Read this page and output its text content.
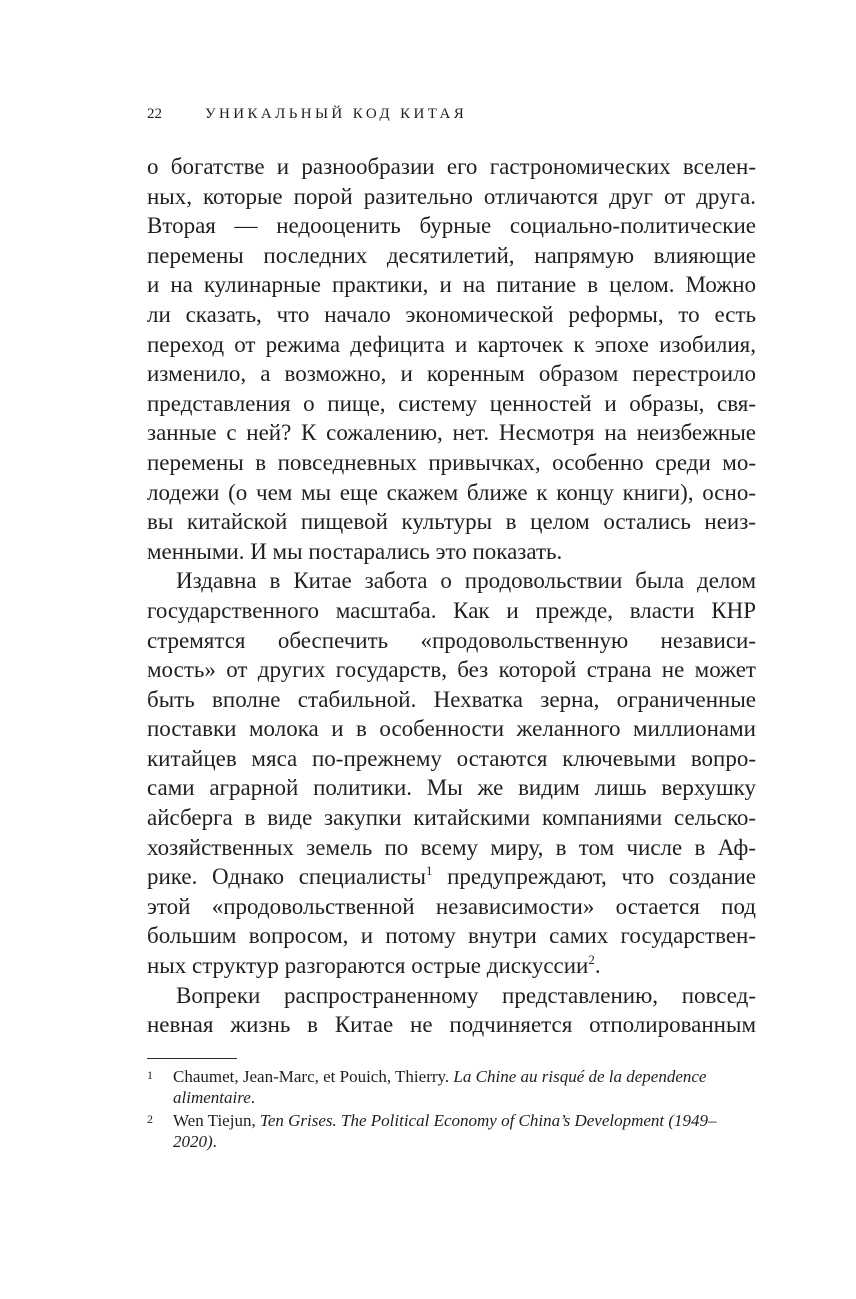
22	УНИКАЛЬНЫЙ КОД КИТАЯ
о богатстве и разнообразии его гастрономических вселен-
ных, которые порой разительно отличаются друг от друга.
Вторая — недооценить бурные социально-политические
перемены последних десятилетий, напрямую влияющие
и на кулинарные практики, и на питание в целом. Можно
ли сказать, что начало экономической реформы, то есть
переход от режима дефицита и карточек к эпохе изобилия,
изменило, а возможно, и коренным образом перестроило
представления о пище, систему ценностей и образы, свя-
занные с ней? К сожалению, нет. Несмотря на неизбежные
перемены в повседневных привычках, особенно среди мо-
лодежи (о чем мы еще скажем ближе к концу книги), осно-
вы китайской пищевой культуры в целом остались неиз-
менными. И мы постарались это показать.
Издавна в Китае забота о продовольствии была делом
государственного масштаба. Как и прежде, власти КНР
стремятся обеспечить «продовольственную независи-
мость» от других государств, без которой страна не может
быть вполне стабильной. Нехватка зерна, ограниченные
поставки молока и в особенности желанного миллионами
китайцев мяса по-прежнему остаются ключевыми вопро-
сами аграрной политики. Мы же видим лишь верхушку
айсберга в виде закупки китайскими компаниями сельско-
хозяйственных земель по всему миру, в том числе в Аф-
рике. Однако специалисты$^1$ предупреждают, что создание
этой «продовольственной независимости» остается под
большим вопросом, и потому внутри самих государствен-
ных структур разгораются острые дискуссии$^2$.
Вопреки распространенному представлению, повсед-
невная жизнь в Китае не подчиняется отполированным
1 Chaumet, Jean-Marc, et Pouich, Thierry. La Chine au risqué de la dependence
alimentaire.
2 Wen Tiejun, Ten Grises. The Political Economy of China’s Development (1949–
2020).
